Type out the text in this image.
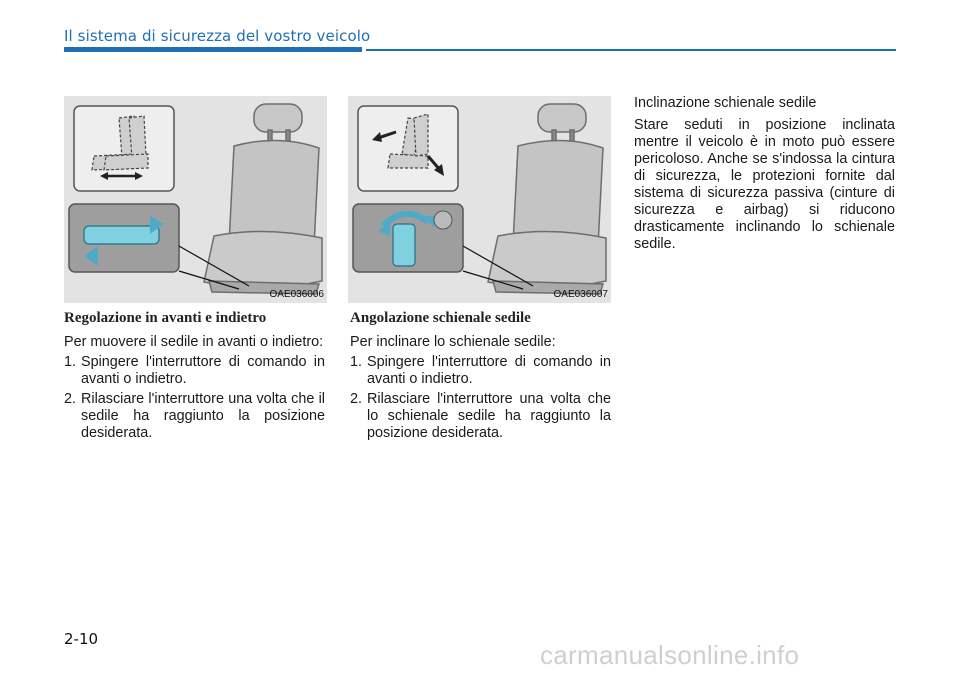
Il sistema di sicurezza del vostro veicolo
OAE036006	OAE036007
Regolazione in avanti e indietro
Per muovere il sedile in avanti o indietro:
1. Spingere l'interruttore di comando in avanti o indietro.
2. Rilasciare l'interruttore una volta che il sedile ha raggiunto la posizione desiderata.
Angolazione schienale sedile
Per inclinare lo schienale sedile:
1. Spingere l'interruttore di comando in avanti o indietro.
2. Rilasciare l'interruttore una volta che lo schienale sedile ha raggiunto la posizione desiderata.
Inclinazione schienale sedile
Stare seduti in posizione inclinata mentre il veicolo è in moto può essere pericoloso. Anche se s'indossa la cintura di sicurezza, le protezioni fornite dal sistema di sicurezza passiva (cinture di sicurezza e airbag) si riducono drasticamente inclinando lo schienale sedile.
2-10
carmanualsonline.info
